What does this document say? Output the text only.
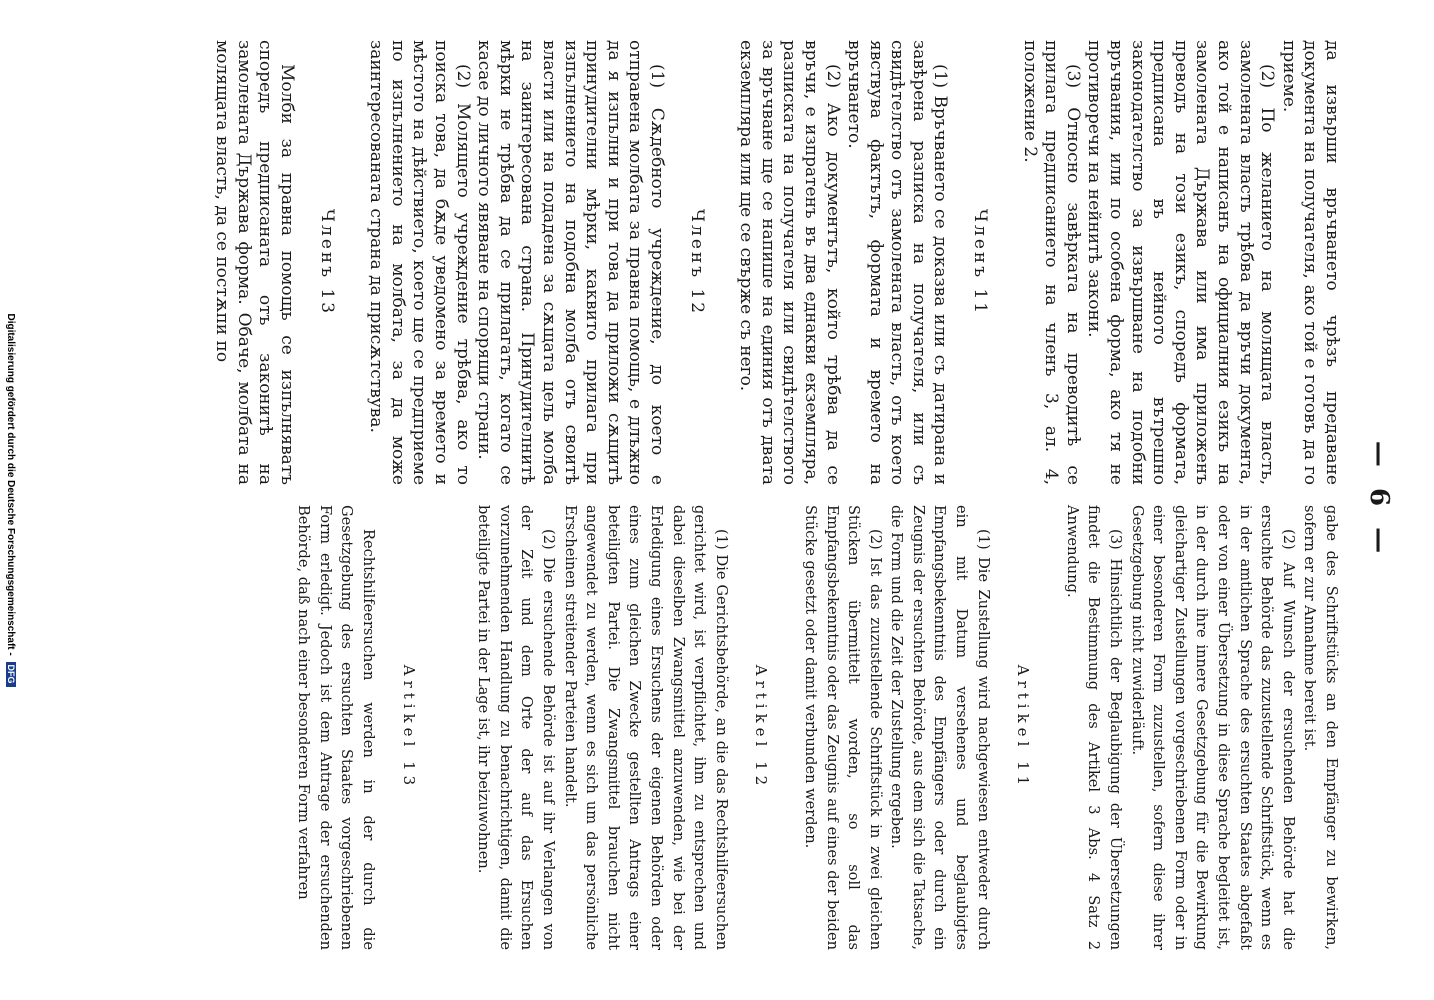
— 6 —

да извърши връчването чрѣзъ предаване документа на получателя, ако той е готовъ да го приеме.

(2) По желанието на молящата власть, замолената власть трѣбва да връчи документа, ако той е написанъ на официалния езикъ на замолената Държава или има приложенъ преводъ на този езикъ, споредъ формата, предписана въ нейното вътрешно законодателство за извършване на подобни връчвания, или по особена форма, ако тя не противоречи на нейнитѣ закони.

(3) Относно завѣрката на преводитѣ се прилага предписанието на членъ 3, ал. 4, положение 2.

Членъ 11

(1) Връчването се доказва или съ датирана и завѣрена разписка на получателя, или съ свидѣтелство отъ замолената власть, отъ което явствува фактътъ, формата и времето на връчването.

(2) Ако документътъ, който трѣбва да се връчи, е изпратенъ въ два еднакви екземпляра, разписката на получателя или свидѣтелството за връчване ще се напише на единия отъ двата екземпляра или ще се свърже съ него.

Членъ 12

(1) Сѫдебното учреждение, до което е отправена молбата за правна помощь, е длъжно да я изпълни и при това да приложи сѫщитѣ принудителни мѣрки, каквито прилага при изпълнението на подобна молба отъ своитѣ власти или на подадена за сѫщата цель молба на заинтересована страна. Принудителнитѣ мѣрки не трѣбва да се прилагатъ, когато се касае до личното явяване на спорящи страни.

(2) Молящето учреждение трѣбва, ако то поиска това, да бѫде уведомено за времето и мѣстото на дѣйствието, което ще се предприеме по изпълнението на молбата, за да може заинтересованата страна да присѫтствува.

Членъ 13

Молби за правна помощь се изпълняватъ споредъ предписаната отъ законитѣ на замолената Държава форма. Обаче, молбата на молящата власть, да се постѫпи по

gabe des Schriftstücks an den Empfänger zu bewirken, sofern er zur Annahme bereit ist.

(2) Auf Wunsch der ersuchenden Behörde hat die ersuchte Behörde das zuzustellende Schriftstück, wenn es in der amtlichen Sprache des ersuchten Staates abgefaßt oder von einer Übersetzung in diese Sprache begleitet ist, in der durch ihre innere Gesetzgebung für die Bewirkung gleichartiger Zustellungen vorgeschriebenen Form oder in einer besonderen Form zuzustellen, sofern diese ihrer Gesetzgebung nicht zuwiderläuft.

(3) Hinsichtlich der Beglaubigung der Übersetzungen findet die Bestimmung des Artikel 3 Abs. 4 Satz 2 Anwendung.

Artikel 11

(1) Die Zustellung wird nachgewiesen entweder durch ein mit Datum versehenes und beglaubigtes Empfangsbekenntnis des Empfängers oder durch ein Zeugnis der ersuchten Behörde, aus dem sich die Tatsache, die Form und die Zeit der Zustellung ergeben.

(2) Ist das zuzustellende Schriftstück in zwei gleichen Stücken übermittelt worden, so soll das Empfangsbekenntnis oder das Zeugnis auf eines der beiden Stücke gesetzt oder damit verbunden werden.

Artikel 12

(1) Die Gerichtsbehörde, an die das Rechtshilfeersuchen gerichtet wird, ist verpflichtet, ihm zu entsprechen und dabei dieselben Zwangsmittel anzuwenden, wie bei der Erledigung eines Ersuchens der eigenen Behörden oder eines zum gleichen Zwecke gestellten Antrags einer beteiligten Partei. Die Zwangsmittel brauchen nicht angewendet zu werden, wenn es sich um das persönliche Erscheinen streitender Parteien handelt.

(2) Die ersuchende Behörde ist auf ihr Verlangen von der Zeit und dem Orte der auf das Ersuchen vorzunehmenden Handlung zu benachrichtigen, damit die beteiligte Partei in der Lage ist, ihr beizuwohnen.

Artikel 13

Rechtshilfeersuchen werden in der durch die Gesetzgebung des ersuchten Staates vorgeschriebenen Form erledigt. Jedoch ist dem Antrage der ersuchenden Behörde, daß nach einer besonderen Form verfahren

Digitalisierung gefördert durch die Deutsche Forschungsgemeinschaft - DFG
